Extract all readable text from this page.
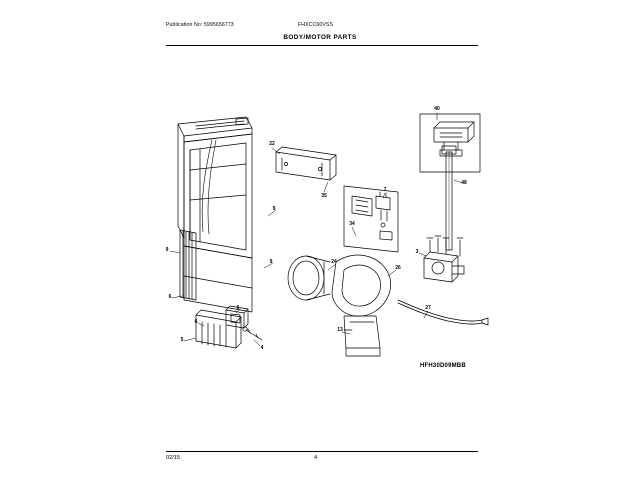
Publication No: 5995656773	FHXCC60VSS
BODY/MOTOR PARTS
40
48
22
35
7
34
9
9
9	3
24
26
27
13
6
6
5
4
6
HFH30D09MBB
02/15	4
